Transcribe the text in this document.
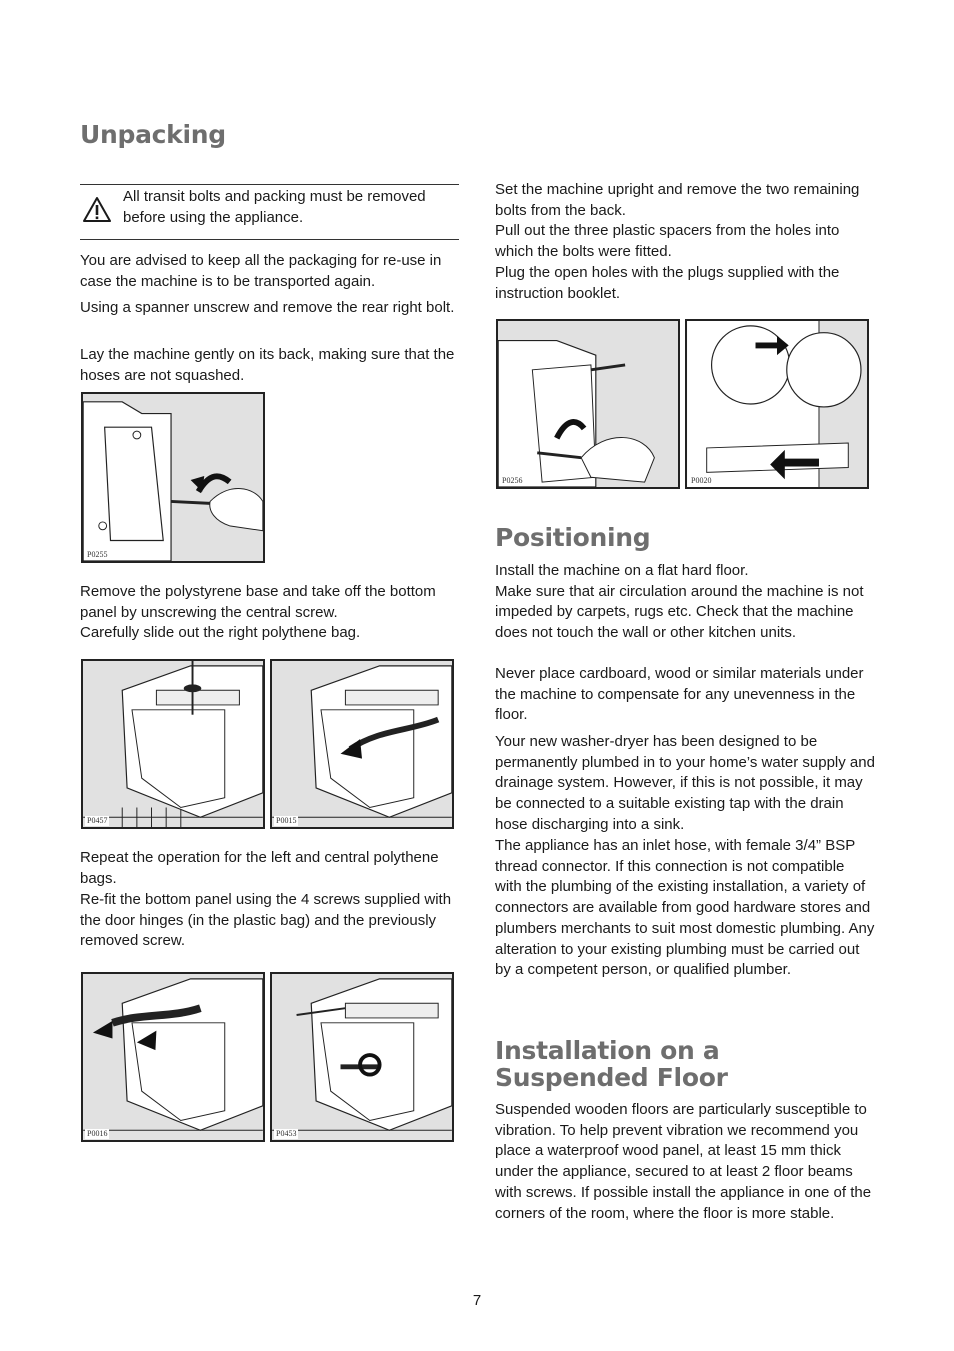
Unpacking

All transit bolts and packing must be removed before using the appliance.

You are advised to keep all the packaging for re-use in case the machine is to be transported again.

Using a spanner unscrew and remove the rear right bolt.

Lay the machine gently on its back, making sure that the hoses are not squashed.

P0255

Remove the polystyrene base and take off the bottom panel by unscrewing the central screw.

Carefully slide out the right polythene bag.

P0457	P0015

Repeat the operation for the left and central polythene bags.

Re-fit the bottom panel using the 4 screws supplied with the door hinges (in the plastic bag) and the previously removed screw.

P0016	P0453

Set the machine upright and remove the two remaining bolts from the back.

Pull out the three plastic spacers from the holes into which the bolts were fitted.

Plug the open holes with the plugs supplied with the instruction booklet.

P0256	P0020
Positioning

Install the machine on a flat hard floor.

Make sure that air circulation around the machine is not impeded by carpets, rugs etc. Check that the machine does not touch the wall or other kitchen units.

Never place cardboard, wood or similar materials under the machine to compensate for any unevenness in the floor.

Your new washer-dryer has been designed to be permanently plumbed in to your home’s water supply and drainage system. However, if this is not possible, it may be connected to a suitable existing tap with the drain hose discharging into a sink.

The appliance has an inlet hose, with female 3/4” BSP thread connector. If this connection is not compatible with the plumbing of the existing installation, a variety of connectors are available from good hardware stores and plumbers merchants to suit most domestic plumbing. Any alteration to your existing plumbing must be carried out by a competent person, or qualified plumber.

Installation on a Suspended Floor

Suspended wooden floors are particularly susceptible to vibration. To help prevent vibration we recommend you place a waterproof wood panel, at least 15 mm thick under the appliance, secured to at least 2 floor beams with screws. If possible install the appliance in one of the corners of the room, where the floor is more stable.

7
